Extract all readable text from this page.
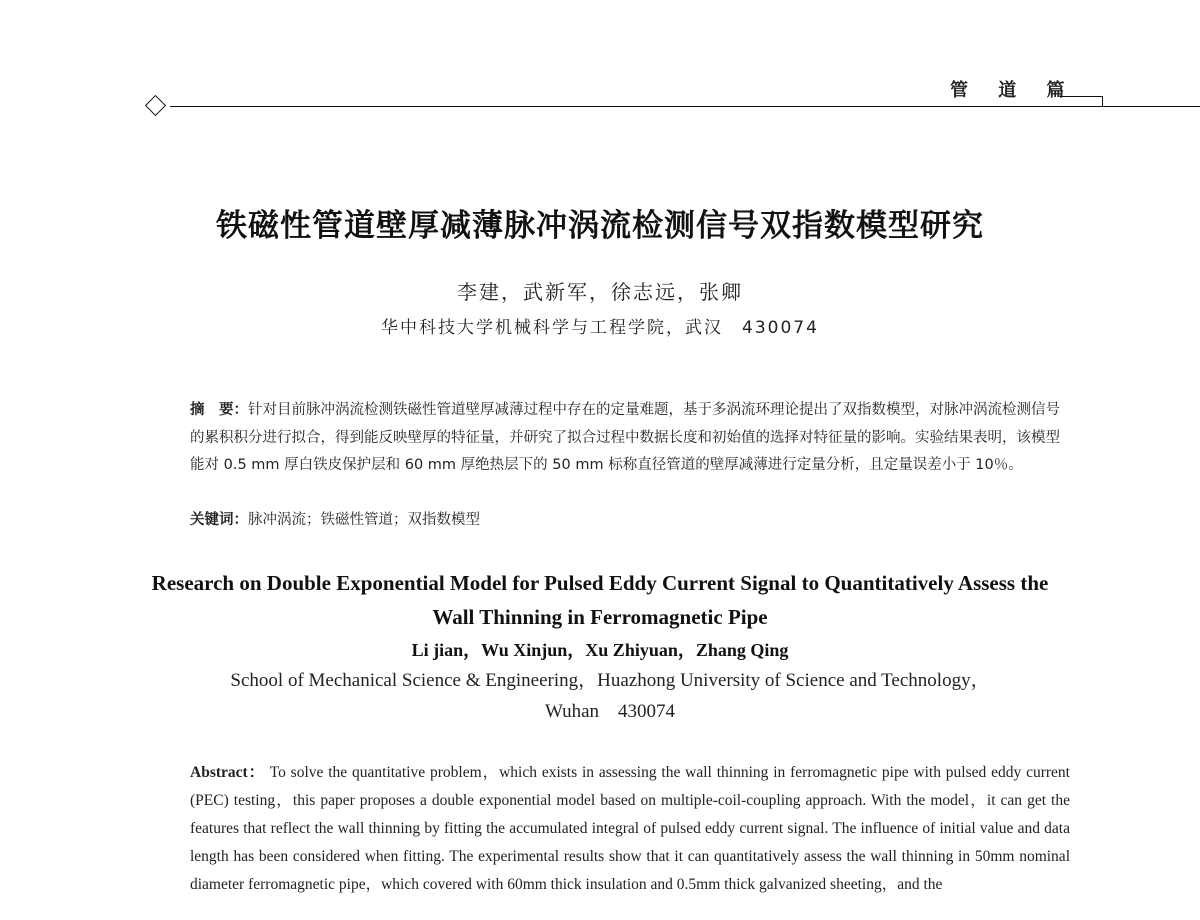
管 道 篇
铁磁性管道壁厚减薄脉冲涡流检测信号双指数模型研究
李建，武新军，徐志远，张卿
华中科技大学机械科学与工程学院，武汉　430074
摘　要：针对目前脉冲涡流检测铁磁性管道壁厚减薄过程中存在的定量难题，基于多涡流环理论提出了双指数模型，对脉冲涡流检测信号的累积积分进行拟合，得到能反映壁厚的特征量，并研究了拟合过程中数据长度和初始值的选择对特征量的影响。实验结果表明，该模型能对 0.5 mm 厚白铁皮保护层和 60 mm 厚绝热层下的 50 mm 标称直径管道的壁厚减薄进行定量分析，且定量误差小于 10％。
关键词：脉冲涡流；铁磁性管道；双指数模型
Research on Double Exponential Model for Pulsed Eddy Current Signal to Quantitatively Assess the Wall Thinning in Ferromagnetic Pipe
Li jian，Wu Xinjun，Xu Zhiyuan，Zhang Qing
School of Mechanical Science & Engineering，Huazhong University of Science and Technology，Wuhan　430074
Abstract： To solve the quantitative problem，which exists in assessing the wall thinning in ferromagnetic pipe with pulsed eddy current (PEC) testing，this paper proposes a double exponential model based on multiple-coil-coupling approach. With the model，it can get the features that reflect the wall thinning by fitting the accumulated integral of pulsed eddy current signal. The influence of initial value and data length has been considered when fitting. The experimental results show that it can quantitatively assess the wall thinning in 50mm nominal diameter ferromagnetic pipe，which covered with 60mm thick insulation and 0.5mm thick galvanized sheeting，and the
